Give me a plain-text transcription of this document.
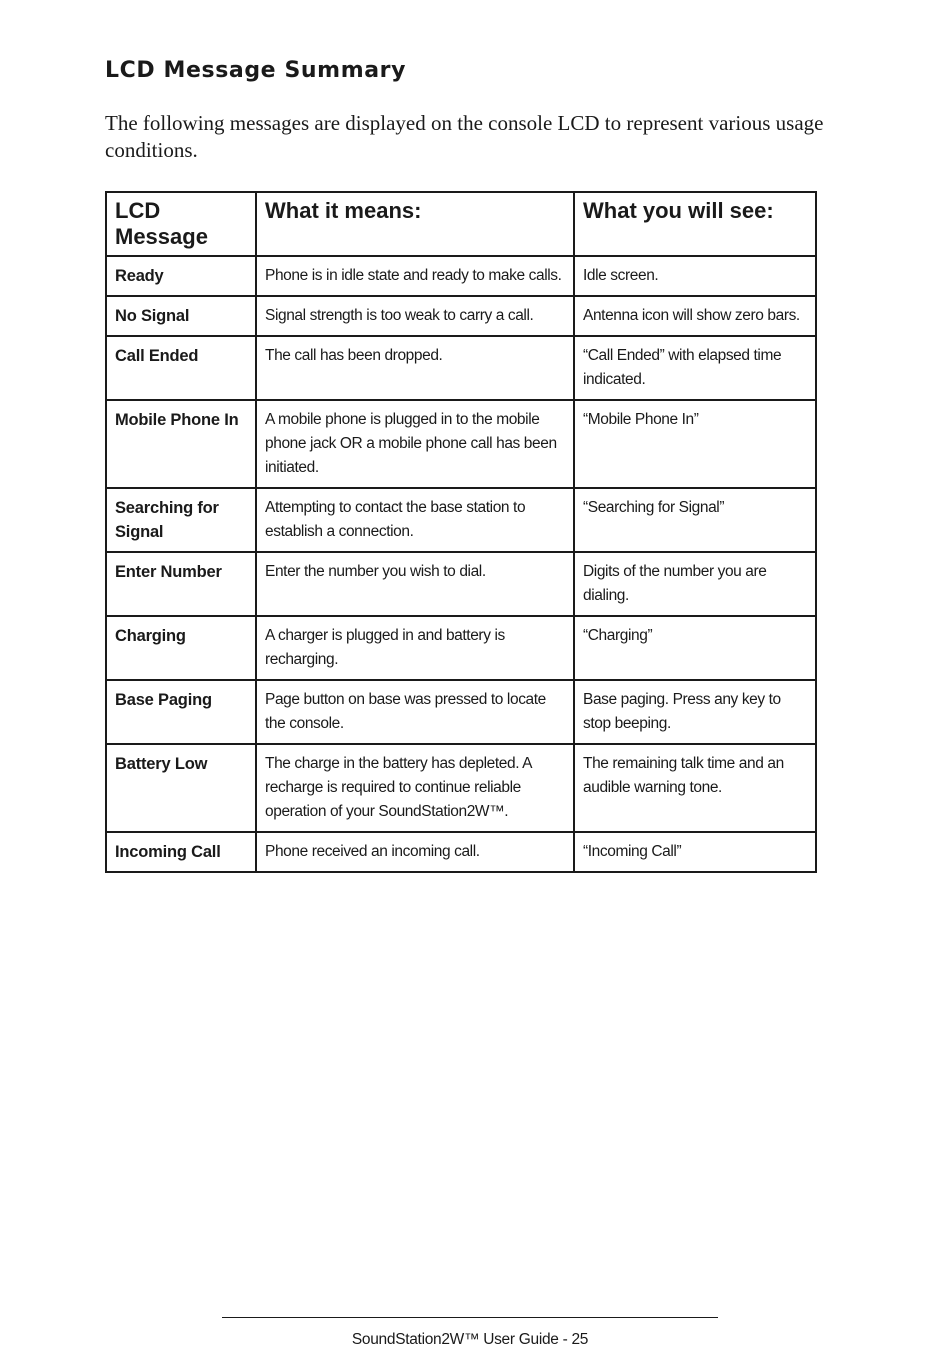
LCD Message Summary

The following messages are displayed on the console LCD to represent various usage conditions.

LCD Message	What it means:	What you will see:
Ready	Phone is in idle state and ready to make calls.	Idle screen.
No Signal	Signal strength is too weak to carry a call.	Antenna icon will show zero bars.
Call Ended	The call has been dropped.	“Call Ended” with elapsed time indicated.
Mobile Phone In	A mobile phone is plugged in to the mobile phone jack OR a mobile phone call has been initiated.	“Mobile Phone In”
Searching for Signal	Attempting to contact the base station to establish a connection.	“Searching for Signal”
Enter Number	Enter the number you wish to dial.	Digits of the number you are dialing.
Charging	A charger is plugged in and battery is recharging.	“Charging”
Base Paging	Page button on base was pressed to locate the console.	Base paging. Press any key to stop beeping.
Battery Low	The charge in the battery has depleted. A recharge is required to continue reliable operation of your SoundStation2W™.	The remaining talk time and an audible warning tone.
Incoming Call	Phone received an incoming call.	“Incoming Call”

SoundStation2W™ User Guide - 25
